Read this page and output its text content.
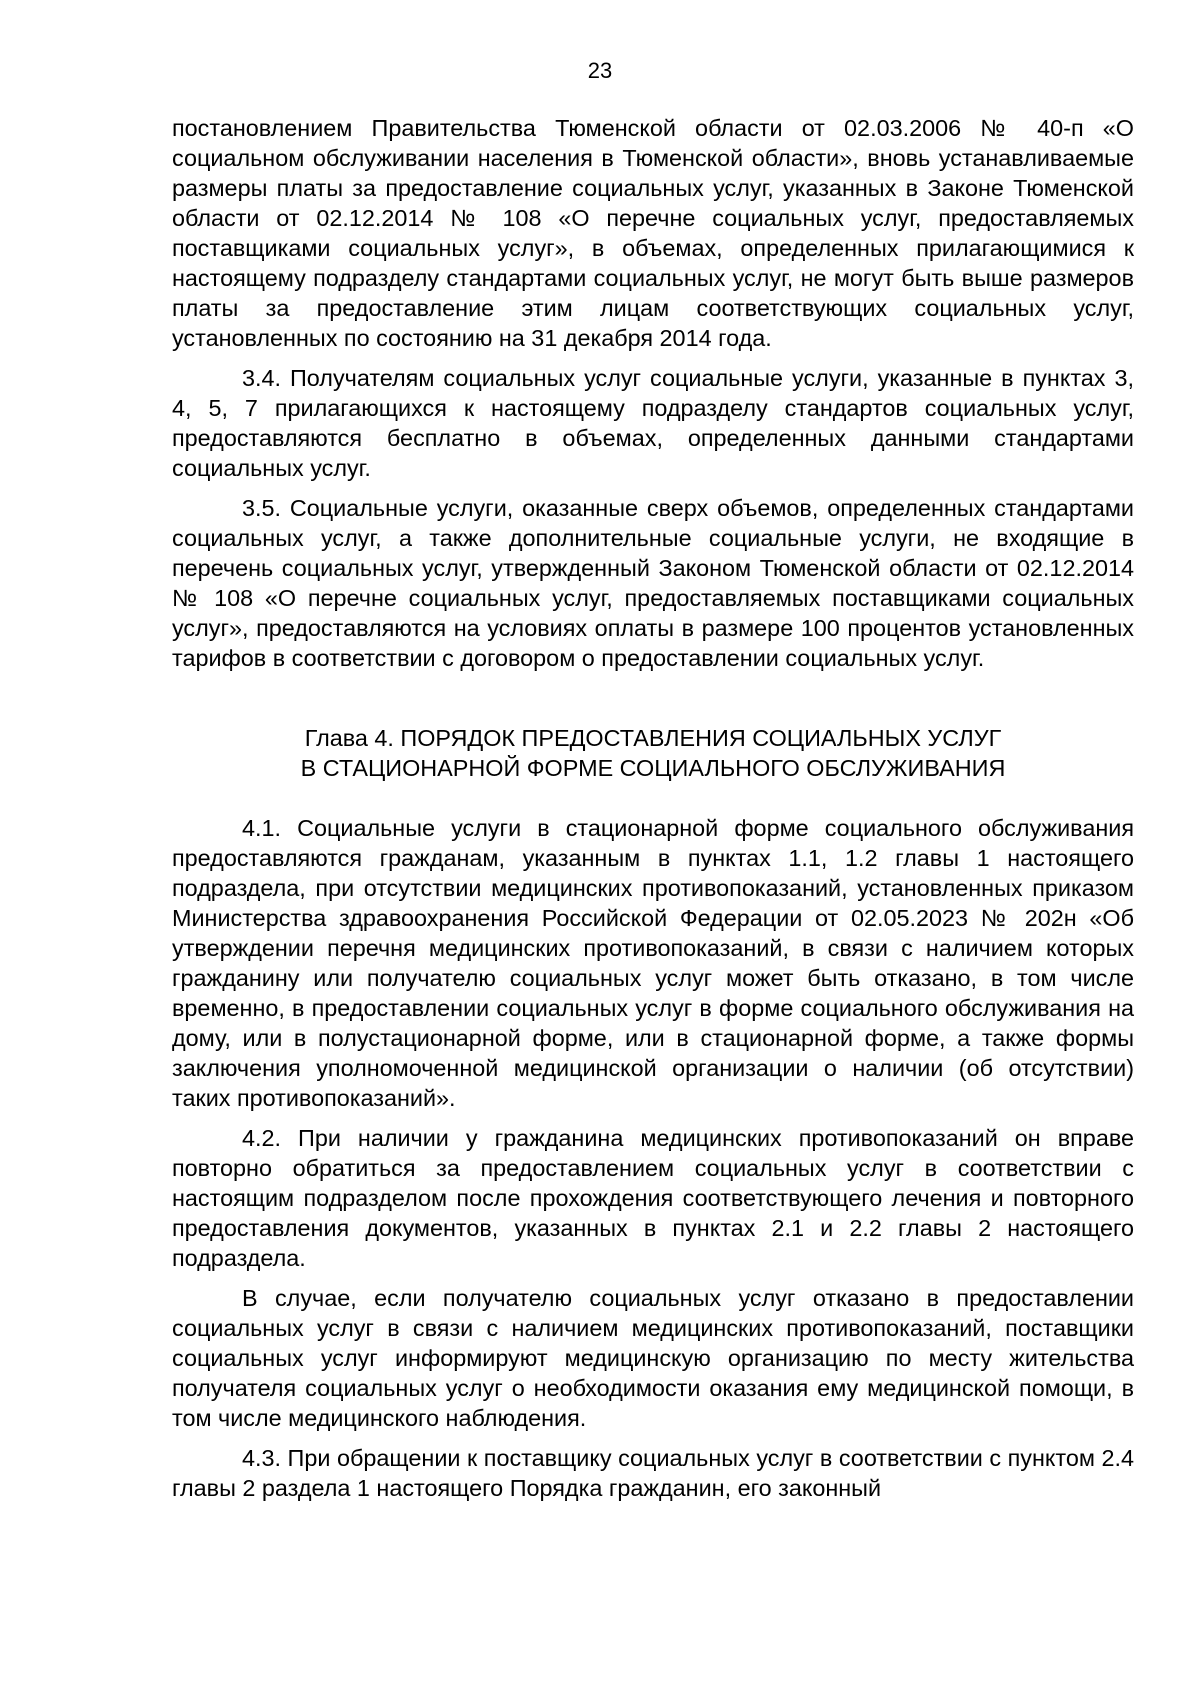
23

постановлением Правительства Тюменской области от 02.03.2006 № 40-п «О социальном обслуживании населения в Тюменской области», вновь устанавливаемые размеры платы за предоставление социальных услуг, указанных в Законе Тюменской области от 02.12.2014 № 108 «О перечне социальных услуг, предоставляемых поставщиками социальных услуг», в объемах, определенных прилагающимися к настоящему подразделу стандартами социальных услуг, не могут быть выше размеров платы за предоставление этим лицам соответствующих социальных услуг, установленных по состоянию на 31 декабря 2014 года.

3.4. Получателям социальных услуг социальные услуги, указанные в пунктах 3, 4, 5, 7 прилагающихся к настоящему подразделу стандартов социальных услуг, предоставляются бесплатно в объемах, определенных данными стандартами социальных услуг.

3.5. Социальные услуги, оказанные сверх объемов, определенных стандартами социальных услуг, а также дополнительные социальные услуги, не входящие в перечень социальных услуг, утвержденный Законом Тюменской области от 02.12.2014 № 108 «О перечне социальных услуг, предоставляемых поставщиками социальных услуг», предоставляются на условиях оплаты в размере 100 процентов установленных тарифов в соответствии с договором о предоставлении социальных услуг.

Глава 4. ПОРЯДОК ПРЕДОСТАВЛЕНИЯ СОЦИАЛЬНЫХ УСЛУГ
В СТАЦИОНАРНОЙ ФОРМЕ СОЦИАЛЬНОГО ОБСЛУЖИВАНИЯ

4.1. Социальные услуги в стационарной форме социального обслуживания предоставляются гражданам, указанным в пунктах 1.1, 1.2 главы 1 настоящего подраздела, при отсутствии медицинских противопоказаний, установленных приказом Министерства здравоохранения Российской Федерации от 02.05.2023 № 202н «Об утверждении перечня медицинских противопоказаний, в связи с наличием которых гражданину или получателю социальных услуг может быть отказано, в том числе временно, в предоставлении социальных услуг в форме социального обслуживания на дому, или в полустационарной форме, или в стационарной форме, а также формы заключения уполномоченной медицинской организации о наличии (об отсутствии) таких противопоказаний».

4.2. При наличии у гражданина медицинских противопоказаний он вправе повторно обратиться за предоставлением социальных услуг в соответствии с настоящим подразделом после прохождения соответствующего лечения и повторного предоставления документов, указанных в пунктах 2.1 и 2.2 главы 2 настоящего подраздела.

В случае, если получателю социальных услуг отказано в предоставлении социальных услуг в связи с наличием медицинских противопоказаний, поставщики социальных услуг информируют медицинскую организацию по месту жительства получателя социальных услуг о необходимости оказания ему медицинской помощи, в том числе медицинского наблюдения.

4.3. При обращении к поставщику социальных услуг в соответствии с пунктом 2.4 главы 2 раздела 1 настоящего Порядка гражданин, его законный
